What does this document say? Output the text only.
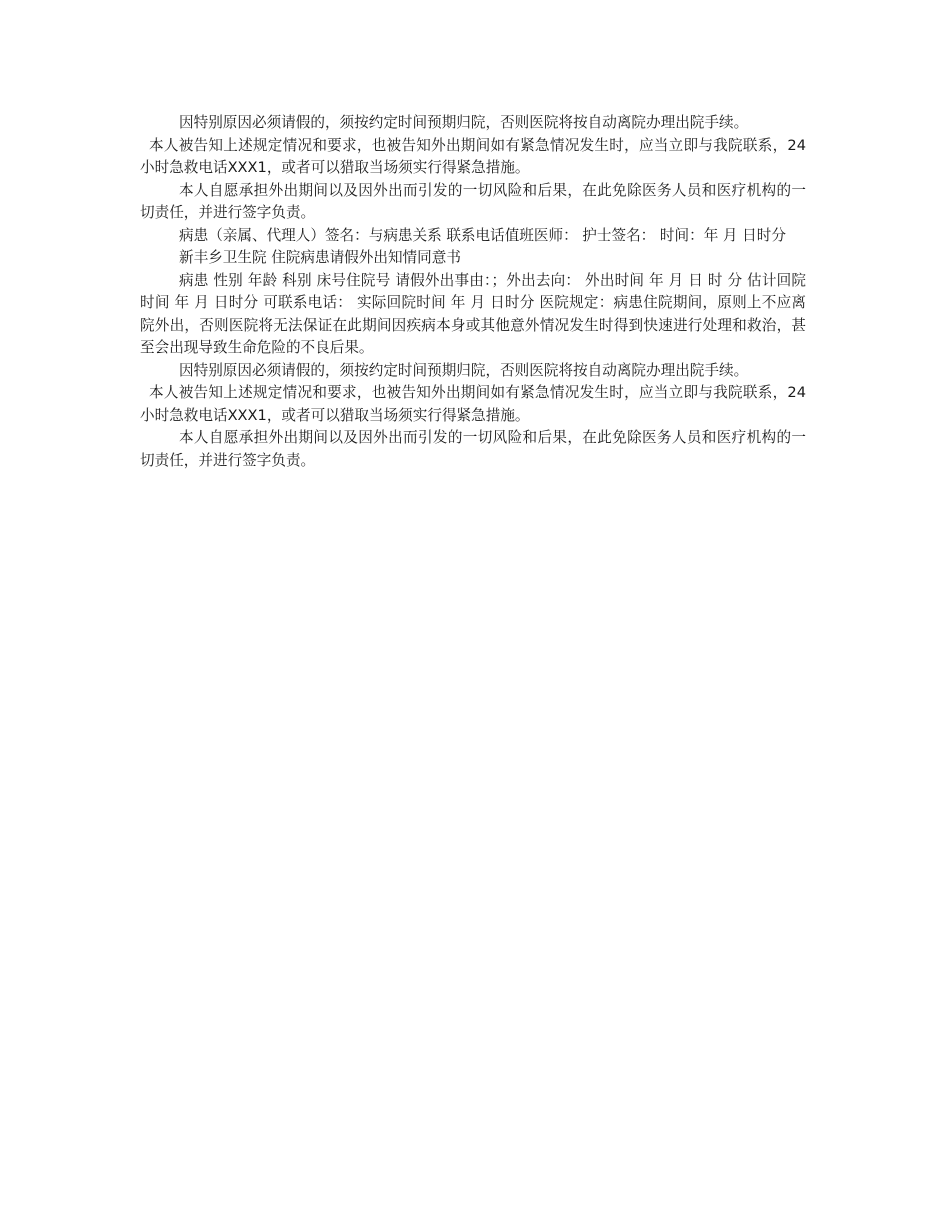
因特别原因必须请假的，须按约定时间预期归院，否则医院将按自动离院办理出院手续。

本人被告知上述规定情况和要求，也被告知外出期间如有紧急情况发生时，应当立即与我院联系，24小时急救电话XXX1，或者可以猎取当场须实行得紧急措施。

本人自愿承担外出期间以及因外出而引发的一切风险和后果，在此免除医务人员和医疗机构的一切责任，并进行签字负责。

病患（亲属、代理人）签名：与病患关系 联系电话值班医师： 护士签名： 时间：年 月 日时分

新丰乡卫生院 住院病患请假外出知情同意书

病患 性别 年龄 科别 床号住院号 请假外出事由：；外出去向： 外出时间 年 月 日 时 分 估计回院时间 年 月 日时分 可联系电话： 实际回院时间 年 月 日时分 医院规定：病患住院期间，原则上不应离院外出，否则医院将无法保证在此期间因疾病本身或其他意外情况发生时得到快速进行处理和救治，甚至会出现导致生命危险的不良后果。

因特别原因必须请假的，须按约定时间预期归院，否则医院将按自动离院办理出院手续。

本人被告知上述规定情况和要求，也被告知外出期间如有紧急情况发生时，应当立即与我院联系，24小时急救电话XXX1，或者可以猎取当场须实行得紧急措施。

本人自愿承担外出期间以及因外出而引发的一切风险和后果，在此免除医务人员和医疗机构的一切责任，并进行签字负责。
